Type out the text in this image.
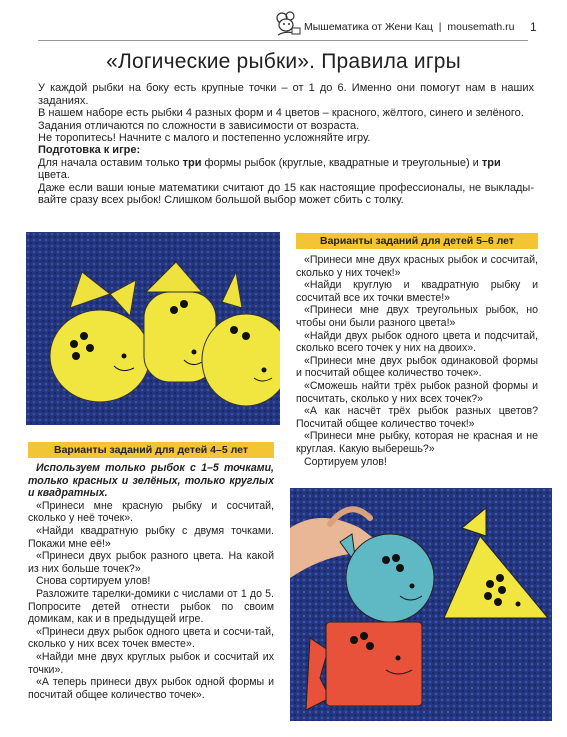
Мышематика от Жени Кац | mousemath.ru 1
«Логические рыбки». Правила игры

У каждой рыбки на боку есть крупные точки – от 1 до 6. Именно они помогут нам в наших заданиях.

В нашем наборе есть рыбки 4 разных форм и 4 цветов – красного, жёлтого, синего и зелёного.

Задания отличаются по сложности в зависимости от возраста.

Не торопитесь! Начните с малого и постепенно усложняйте игру.

Подготовка к игре:

Для начала оставим только три формы рыбок (круглые, квадратные и треугольные) и три цвета.

Даже если ваши юные математики считают до 15 как настоящие профессионалы, не выклады-вайте сразу всех рыбок! Слишком большой выбор может сбить с толку.

Варианты заданий для детей 5–6 лет

«Принеси мне двух красных рыбок и сосчитай, сколько у них точек!»

«Найди круглую и квадратную рыбку и сосчитай все их точки вместе!»

«Принеси мне двух треугольных рыбок, но чтобы они были разного цвета!»

«Найди двух рыбок одного цвета и подсчитай, сколько всего точек у них на двоих».

«Принеси мне двух рыбок одинаковой формы и посчитай общее количество точек».

«Сможешь найти трёх рыбок разной формы и посчитать, сколько у них всех точек?»

«А как насчёт трёх рыбок разных цветов? Посчитай общее количество точек!»

«Принеси мне рыбку, которая не красная и не круглая. Какую выберешь?»

Сортируем улов!

Варианты заданий для детей 4–5 лет

Используем только рыбок с 1–5 точками, только красных и зелёных, только круглых и квадратных.

«Принеси мне красную рыбку и сосчитай, сколько у неё точек».

«Найди квадратную рыбку с двумя точками. Покажи мне её!»

«Принеси двух рыбок разного цвета. На какой из них больше точек?»

Снова сортируем улов!

Разложите тарелки-домики с числами от 1 до 5. Попросите детей отнести рыбок по своим домикам, как и в предыдущей игре.

«Принеси двух рыбок одного цвета и сосчи-тай, сколько у них всех точек вместе».

«Найди мне двух круглых рыбок и сосчитай их точки».

«А теперь принеси двух рыбок одной формы и посчитай общее количество точек».
